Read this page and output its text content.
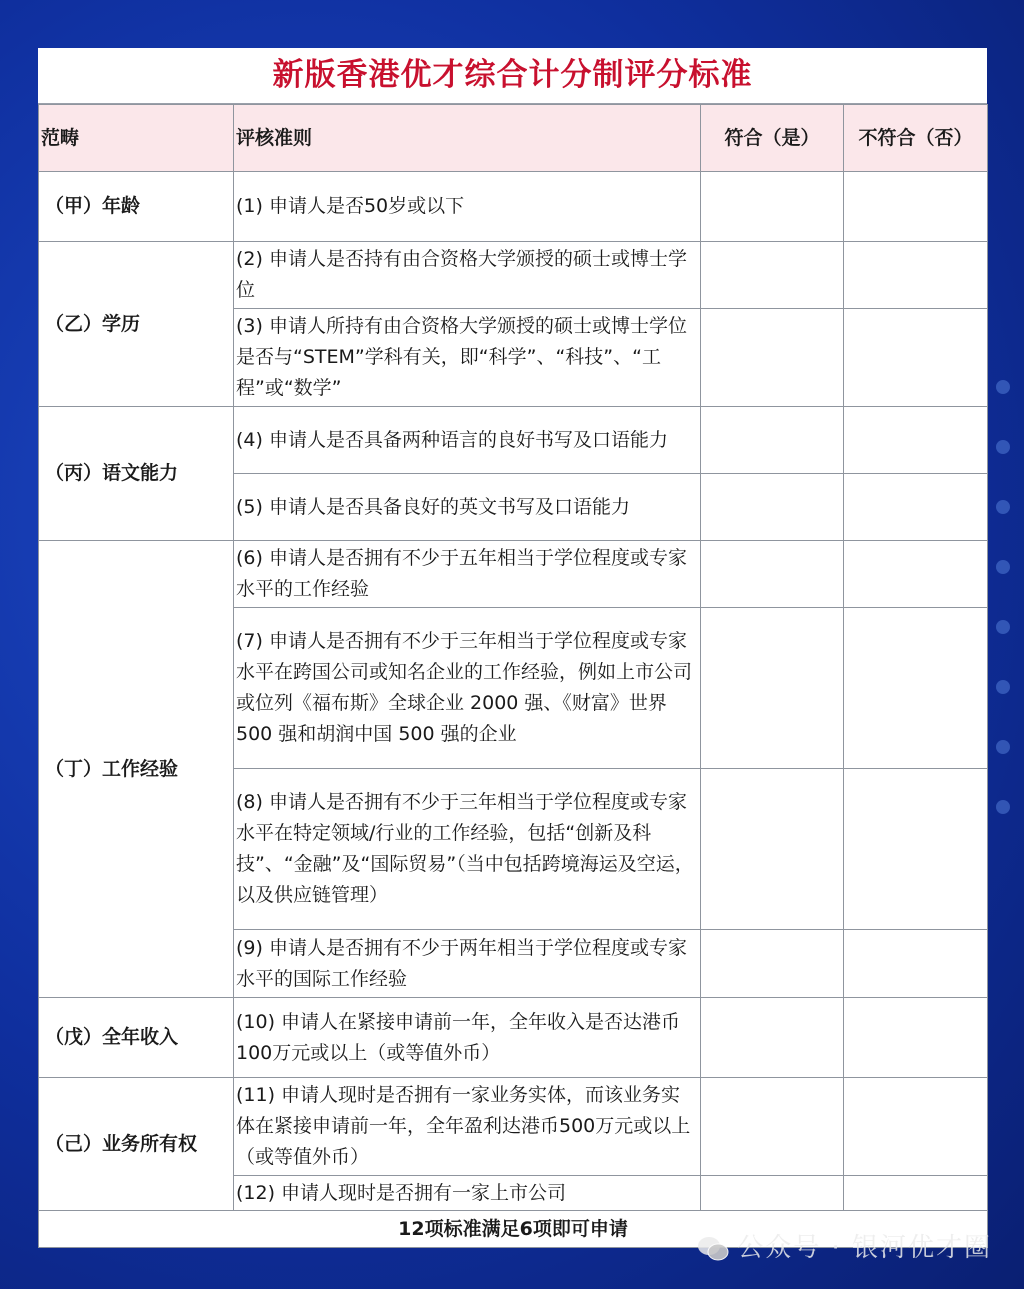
新版香港优才综合计分制评分标准
范畴	评核准则	符合（是）	不符合（否）
（甲）年龄	(1) 申请人是否50岁或以下		
（乙）学历	(2) 申请人是否持有由合资格大学颁授的硕士或博士学位		
	(3) 申请人所持有由合资格大学颁授的硕士或博士学位是否与“STEM”学科有关，即“科学”、“科技”、“工程”或“数学”		
（丙）语文能力	(4) 申请人是否具备两种语言的良好书写及口语能力		
	(5) 申请人是否具备良好的英文书写及口语能力		
（丁）工作经验	(6) 申请人是否拥有不少于五年相当于学位程度或专家水平的工作经验		
	(7) 申请人是否拥有不少于三年相当于学位程度或专家水平在跨国公司或知名企业的工作经验，例如上市公司或位列《福布斯》全球企业 2000 强、《财富》世界 500 强和胡润中国 500 强的企业		
	(8) 申请人是否拥有不少于三年相当于学位程度或专家水平在特定领域/行业的工作经验，包括“创新及科技”、“金融”及“国际贸易”（当中包括跨境海运及空运，以及供应链管理）		
	(9) 申请人是否拥有不少于两年相当于学位程度或专家水平的国际工作经验		
（戊）全年收入	(10) 申请人在紧接申请前一年，全年收入是否达港币100万元或以上（或等值外币）		
（己）业务所有权	(11) 申请人现时是否拥有一家业务实体，而该业务实体在紧接申请前一年，全年盈利达港币500万元或以上（或等值外币）		
	(12) 申请人现时是否拥有一家上市公司		
12项标准满足6项即可申请			
公众号 · 银河优才圈
